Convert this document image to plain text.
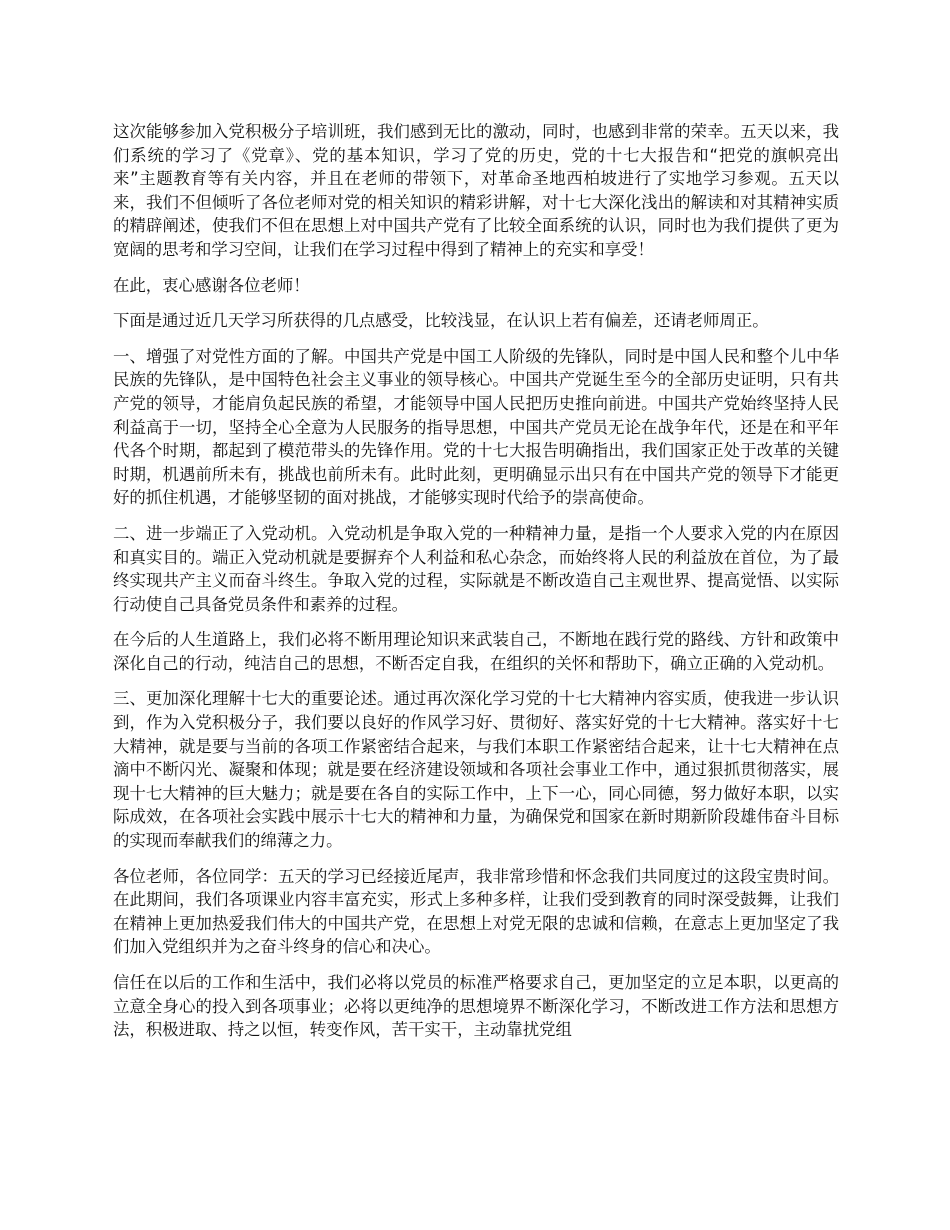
这次能够参加入党积极分子培训班，我们感到无比的激动，同时，也感到非常的荣幸。五天以来，我们系统的学习了《党章》、党的基本知识，学习了党的历史，党的十七大报告和“把党的旗帜亮出来”主题教育等有关内容，并且在老师的带领下，对革命圣地西柏坡进行了实地学习参观。五天以来，我们不但倾听了各位老师对党的相关知识的精彩讲解，对十七大深化浅出的解读和对其精神实质的精辟阐述，使我们不但在思想上对中国共产党有了比较全面系统的认识，同时也为我们提供了更为宽阔的思考和学习空间，让我们在学习过程中得到了精神上的充实和享受！

在此，衷心感谢各位老师！

下面是通过近几天学习所获得的几点感受，比较浅显，在认识上若有偏差，还请老师周正。

一、增强了对党性方面的了解。中国共产党是中国工人阶级的先锋队，同时是中国人民和整个儿中华民族的先锋队，是中国特色社会主义事业的领导核心。中国共产党诞生至今的全部历史证明，只有共产党的领导，才能肩负起民族的希望，才能领导中国人民把历史推向前进。中国共产党始终坚持人民利益高于一切，坚持全心全意为人民服务的指导思想，中国共产党员无论在战争年代，还是在和平年代各个时期，都起到了模范带头的先锋作用。党的十七大报告明确指出，我们国家正处于改革的关键时期，机遇前所未有，挑战也前所未有。此时此刻，更明确显示出只有在中国共产党的领导下才能更好的抓住机遇，才能够坚韧的面对挑战，才能够实现时代给予的崇高使命。

二、进一步端正了入党动机。入党动机是争取入党的一种精神力量，是指一个人要求入党的内在原因和真实目的。端正入党动机就是要摒弃个人利益和私心杂念，而始终将人民的利益放在首位，为了最终实现共产主义而奋斗终生。争取入党的过程，实际就是不断改造自己主观世界、提高觉悟、以实际行动使自己具备党员条件和素养的过程。

在今后的人生道路上，我们必将不断用理论知识来武装自己，不断地在践行党的路线、方针和政策中深化自己的行动，纯洁自己的思想，不断否定自我，在组织的关怀和帮助下，确立正确的入党动机。

三、更加深化理解十七大的重要论述。通过再次深化学习党的十七大精神内容实质，使我进一步认识到，作为入党积极分子，我们要以良好的作风学习好、贯彻好、落实好党的十七大精神。落实好十七大精神，就是要与当前的各项工作紧密结合起来，与我们本职工作紧密结合起来，让十七大精神在点滴中不断闪光、凝聚和体现；就是要在经济建设领域和各项社会事业工作中，通过狠抓贯彻落实，展现十七大精神的巨大魅力；就是要在各自的实际工作中，上下一心，同心同德，努力做好本职，以实际成效，在各项社会实践中展示十七大的精神和力量，为确保党和国家在新时期新阶段雄伟奋斗目标的实现而奉献我们的绵薄之力。

各位老师，各位同学：五天的学习已经接近尾声，我非常珍惜和怀念我们共同度过的这段宝贵时间。在此期间，我们各项课业内容丰富充实，形式上多种多样，让我们受到教育的同时深受鼓舞，让我们在精神上更加热爱我们伟大的中国共产党，在思想上对党无限的忠诚和信赖，在意志上更加坚定了我们加入党组织并为之奋斗终身的信心和决心。

信任在以后的工作和生活中，我们必将以党员的标准严格要求自己，更加坚定的立足本职，以更高的立意全身心的投入到各项事业；必将以更纯净的思想境界不断深化学习，不断改进工作方法和思想方法，积极进取、持之以恒，转变作风，苦干实干，主动靠扰党组
